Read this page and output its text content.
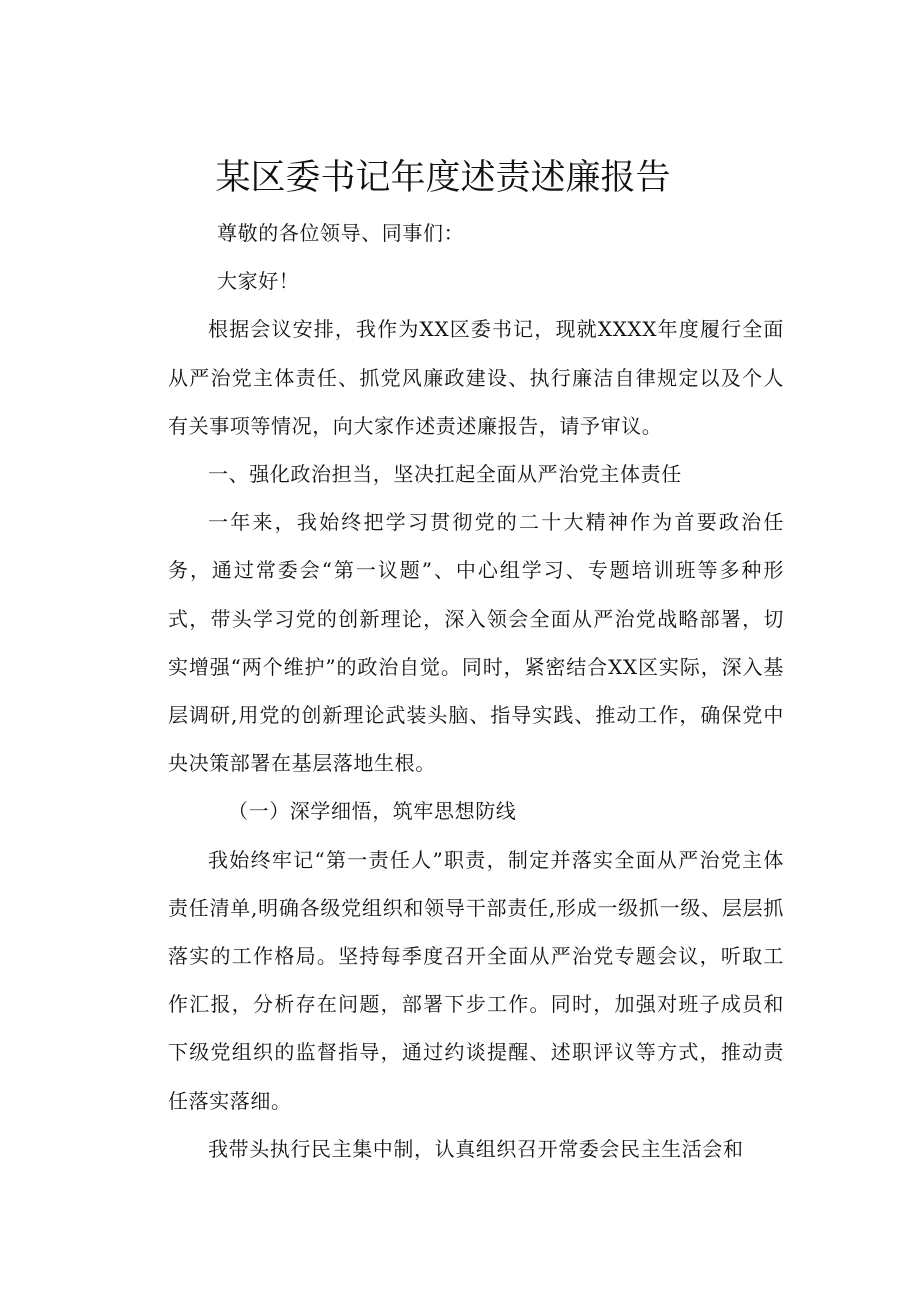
某区委书记年度述责述廉报告

尊敬的各位领导、同事们：

大家好！

根据会议安排，我作为XX区委书记，现就XXXX年度履行全面从严治党主体责任、抓党风廉政建设、执行廉洁自律规定以及个人有关事项等情况，向大家作述责述廉报告，请予审议。

一、强化政治担当，坚决扛起全面从严治党主体责任

一年来，我始终把学习贯彻党的二十大精神作为首要政治任务，通过常委会“第一议题”、中心组学习、专题培训班等多种形式，带头学习党的创新理论，深入领会全面从严治党战略部署，切实增强“两个维护”的政治自觉。同时，紧密结合XX区实际，深入基层调研,用党的创新理论武装头脑、指导实践、推动工作，确保党中央决策部署在基层落地生根。

（一）深学细悟，筑牢思想防线

我始终牢记“第一责任人”职责，制定并落实全面从严治党主体责任清单,明确各级党组织和领导干部责任,形成一级抓一级、层层抓落实的工作格局。坚持每季度召开全面从严治党专题会议，听取工作汇报，分析存在问题，部署下步工作。同时，加强对班子成员和下级党组织的监督指导，通过约谈提醒、述职评议等方式，推动责任落实落细。

我带头执行民主集中制，认真组织召开常委会民主生活会和
